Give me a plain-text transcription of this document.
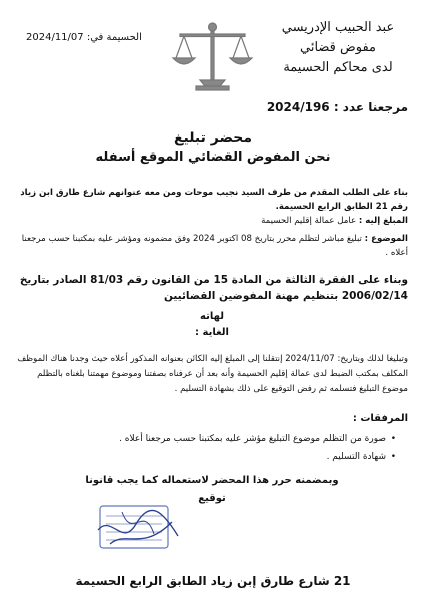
عبد الحبيب الإدريسي
مفوض قضائي
لدى محاكم الحسيمة
الحسيمة في: 2024/11/07
مرجعنا عدد : 2024/196
محضر تبليغ
نحن المفوض القضائي الموقع أسفله
بناء على الطلب المقدم من طرف السيد نجيب موحات ومن معه عنوانهم شارع طارق ابن زياد رقم 21 الطابق الرابع الحسيمة.
المبلغ إليه : عامل عمالة إقليم الحسيمة
الموضوع : تبليغ مباشر لتظلم محرر بتاريخ 08 اكتوبر 2024 وفق مضمونه ومؤشر عليه بمكتبنا حسب مرجعنا أعلاه .
وبناء على الفقرة الثالثة من المادة 15 من القانون رقم 81/03 الصادر بتاريخ 2006/02/14 بتنظيم مهنة المفوضين القضائيين
لهاته
الغاية :
وتبليغا لذلك وبتاريخ: 2024/11/07 إنتقلنا إلى المبلغ إليه الكائن بعنوانه المذكور أعلاه حيث وجدنا هناك الموظف المكلف بمكتب الضبط لدى عمالة إقليم الحسيمة وأنه بعد أن عرفناه بصفتنا وموضوع مهمتنا بلغناه بالتظلم موضوع التبليغ فتسلمه ثم رفض التوقيع على ذلك بشهادة التسليم .
المرفقات :
•صورة من التظلم موضوع التبليغ مؤشر عليه بمكتبنا حسب مرجعنا أعلاه .
•شهادة التسليم .
وبمضمنه حرر هذا المحضر لاستعماله كما يجب قانونا
توقيع
21 شارع طارق إبن زياد الطابق الرابع الحسيمة
